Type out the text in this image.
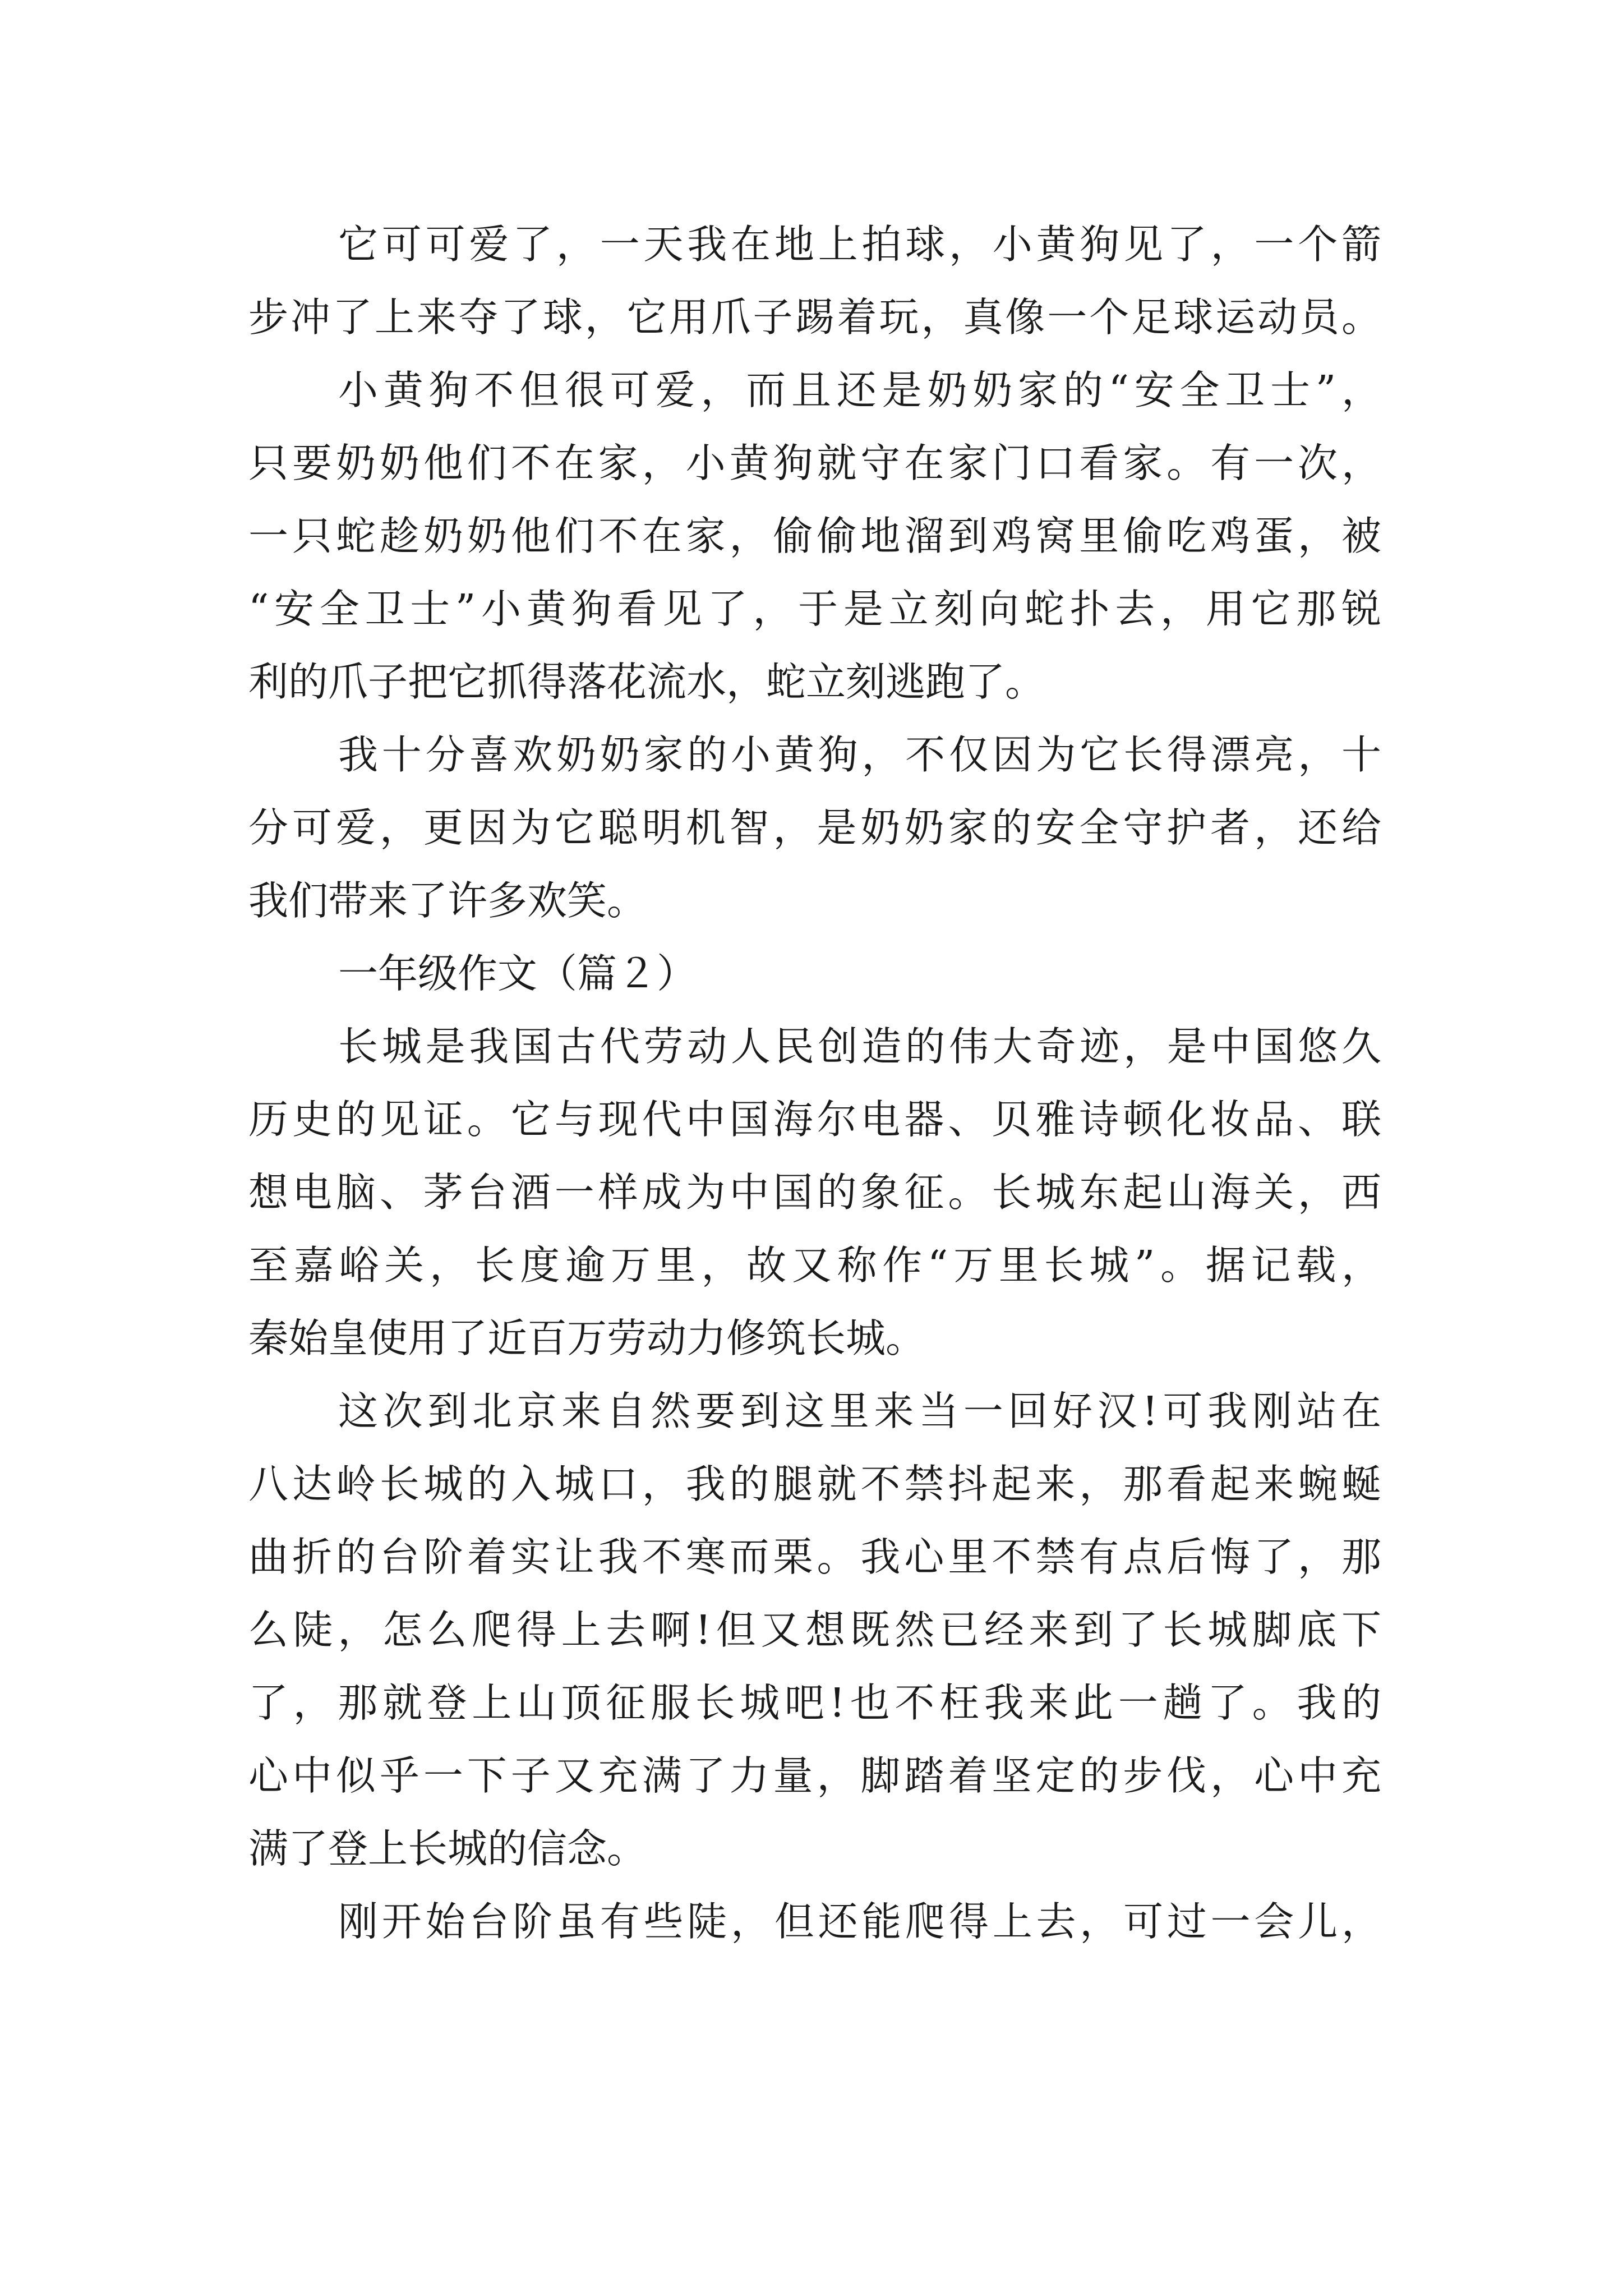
它可可爱了，一天我在地上拍球，小黄狗见了，一个箭
步冲了上来夺了球，它用爪子踢着玩，真像一个足球运动员。
小黄狗不但很可爱，而且还是奶奶家的“安全卫士”，
只要奶奶他们不在家，小黄狗就守在家门口看家。有一次，
一只蛇趁奶奶他们不在家，偷偷地溜到鸡窝里偷吃鸡蛋，被
“安全卫士”小黄狗看见了，于是立刻向蛇扑去，用它那锐
利的爪子把它抓得落花流水，蛇立刻逃跑了。
我十分喜欢奶奶家的小黄狗，不仅因为它长得漂亮，十
分可爱，更因为它聪明机智，是奶奶家的安全守护者，还给
我们带来了许多欢笑。
一年级作文（篇２）
长城是我国古代劳动人民创造的伟大奇迹，是中国悠久
历史的见证。它与现代中国海尔电器、贝雅诗顿化妆品、联
想电脑、茅台酒一样成为中国的象征。长城东起山海关，西
至嘉峪关，长度逾万里，故又称作“万里长城”。据记载，
秦始皇使用了近百万劳动力修筑长城。
这次到北京来自然要到这里来当一回好汉!可我刚站在
八达岭长城的入城口，我的腿就不禁抖起来，那看起来蜿蜒
曲折的台阶着实让我不寒而栗。我心里不禁有点后悔了，那
么陡，怎么爬得上去啊!但又想既然已经来到了长城脚底下
了，那就登上山顶征服长城吧!也不枉我来此一趟了。我的
心中似乎一下子又充满了力量，脚踏着坚定的步伐，心中充
满了登上长城的信念。
刚开始台阶虽有些陡，但还能爬得上去，可过一会儿，
